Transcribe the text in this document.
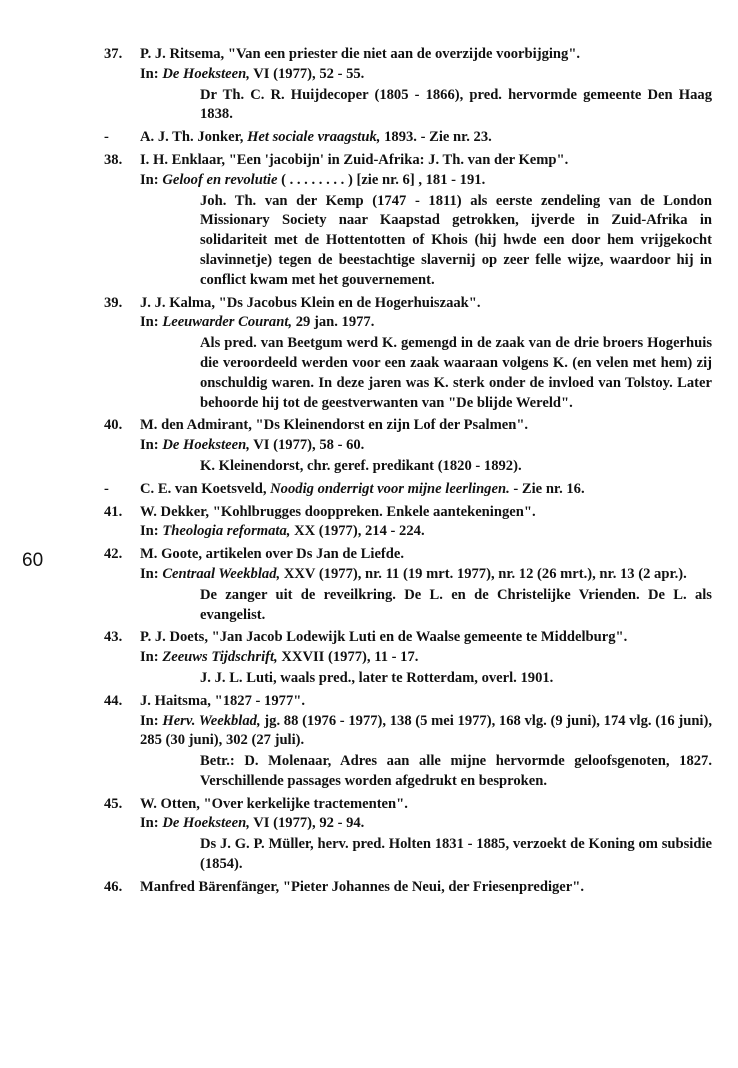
60
37.	P. J. Ritsema, "Van een priester die niet aan de overzijde voorbijging".
In: De Hoeksteen, VI (1977), 52 - 55.
Dr Th. C. R. Huijdecoper (1805 - 1866), pred. hervormde gemeente Den Haag 1838.
-	A. J. Th. Jonker, Het sociale vraagstuk, 1893. - Zie nr. 23.
38.	I. H. Enklaar, "Een 'jacobijn' in Zuid-Afrika: J. Th. van der Kemp".
In: Geloof en revolutie ( . . . . . . . . ) [zie nr. 6] , 181 - 191.
Joh. Th. van der Kemp (1747 - 1811) als eerste zendeling van de London Missionary Society naar Kaapstad getrokken, ijverde in Zuid-Afrika in solidariteit met de Hottentotten of Khois (hij hwde een door hem vrijgekocht slavinnetje) tegen de beestachtige slavernij op zeer felle wijze, waardoor hij in conflict kwam met het gouvernement.
39.	J. J. Kalma, "Ds Jacobus Klein en de Hogerhuiszaak".
In: Leeuwarder Courant, 29 jan. 1977.
Als pred. van Beetgum werd K. gemengd in de zaak van de drie broers Hogerhuis die veroordeeld werden voor een zaak waaraan volgens K. (en velen met hem) zij onschuldig waren. In deze jaren was K. sterk onder de invloed van Tolstoy. Later behoorde hij tot de geestverwanten van "De blijde Wereld".
40.	M. den Admirant, "Ds Kleinendorst en zijn Lof der Psalmen".
In: De Hoeksteen, VI (1977), 58 - 60.
K. Kleinendorst, chr. geref. predikant (1820 - 1892).
-	C. E. van Koetsveld, Noodig onderrigt voor mijne leerlingen. - Zie nr. 16.
41.	W. Dekker, "Kohlbrugges doopprekеn. Enkele aantekeningen".
In: Theologia reformata, XX (1977), 214 - 224.
42.	M. Goote, artikelen over Ds Jan de Liefde.
In: Centraal Weekblad, XXV (1977), nr. 11 (19 mrt. 1977), nr. 12 (26 mrt.), nr. 13 (2 apr.).
De zanger uit de reveilkring. De L. en de Christelijke Vrienden. De L. als evangelist.
43.	P. J. Doets, "Jan Jacob Lodewijk Luti en de Waalse gemeente te Middelburg".
In: Zeeuws Tijdschrift, XXVII (1977), 11 - 17.
J. J. L. Luti, waals pred., later te Rotterdam, overl. 1901.
44.	J. Haitsma, "1827 - 1977".
In: Herv. Weekblad, jg. 88 (1976 - 1977), 138 (5 mei 1977), 168 vlg. (9 juni), 174 vlg. (16 juni), 285 (30 juni), 302 (27 juli).
Betr.: D. Molenaar, Adres aan alle mijne hervormde geloofsgenoten, 1827. Verschillende passages worden afgedrukt en besproken.
45.	W. Otten, "Over kerkelijke tractementen".
In: De Hoeksteen, VI (1977), 92 - 94.
Ds J. G. P. Müller, herv. pred. Holten 1831 - 1885, verzoekt de Koning om subsidie (1854).
46.	Manfred Bärenfänger, "Pieter Johannes de Neui, der Friesenprediger".
